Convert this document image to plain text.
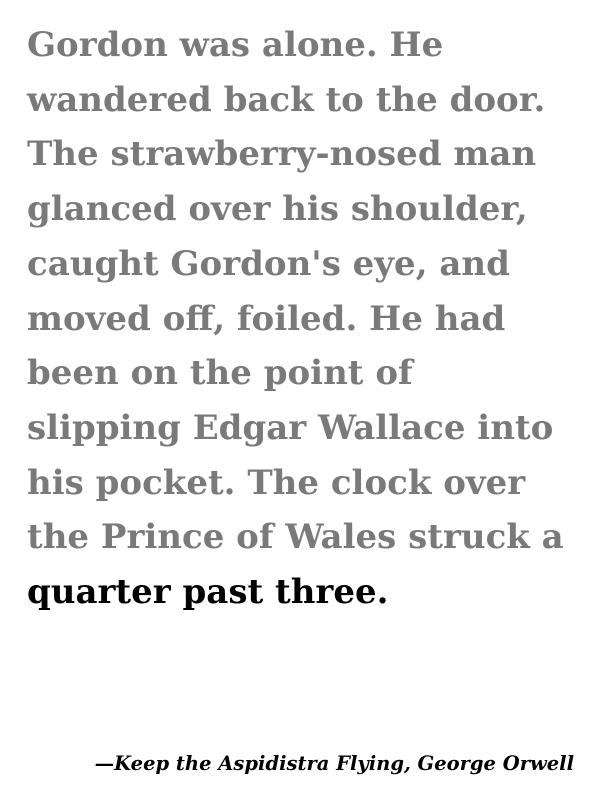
Gordon was alone. He
wandered back to the door.
The strawberry-nosed man
glanced over his shoulder,
caught Gordon's eye, and
moved off, foiled. He had
been on the point of
slipping Edgar Wallace into
his pocket. The clock over
the Prince of Wales struck a
quarter past three.
—Keep the Aspidistra Flying, George Orwell
